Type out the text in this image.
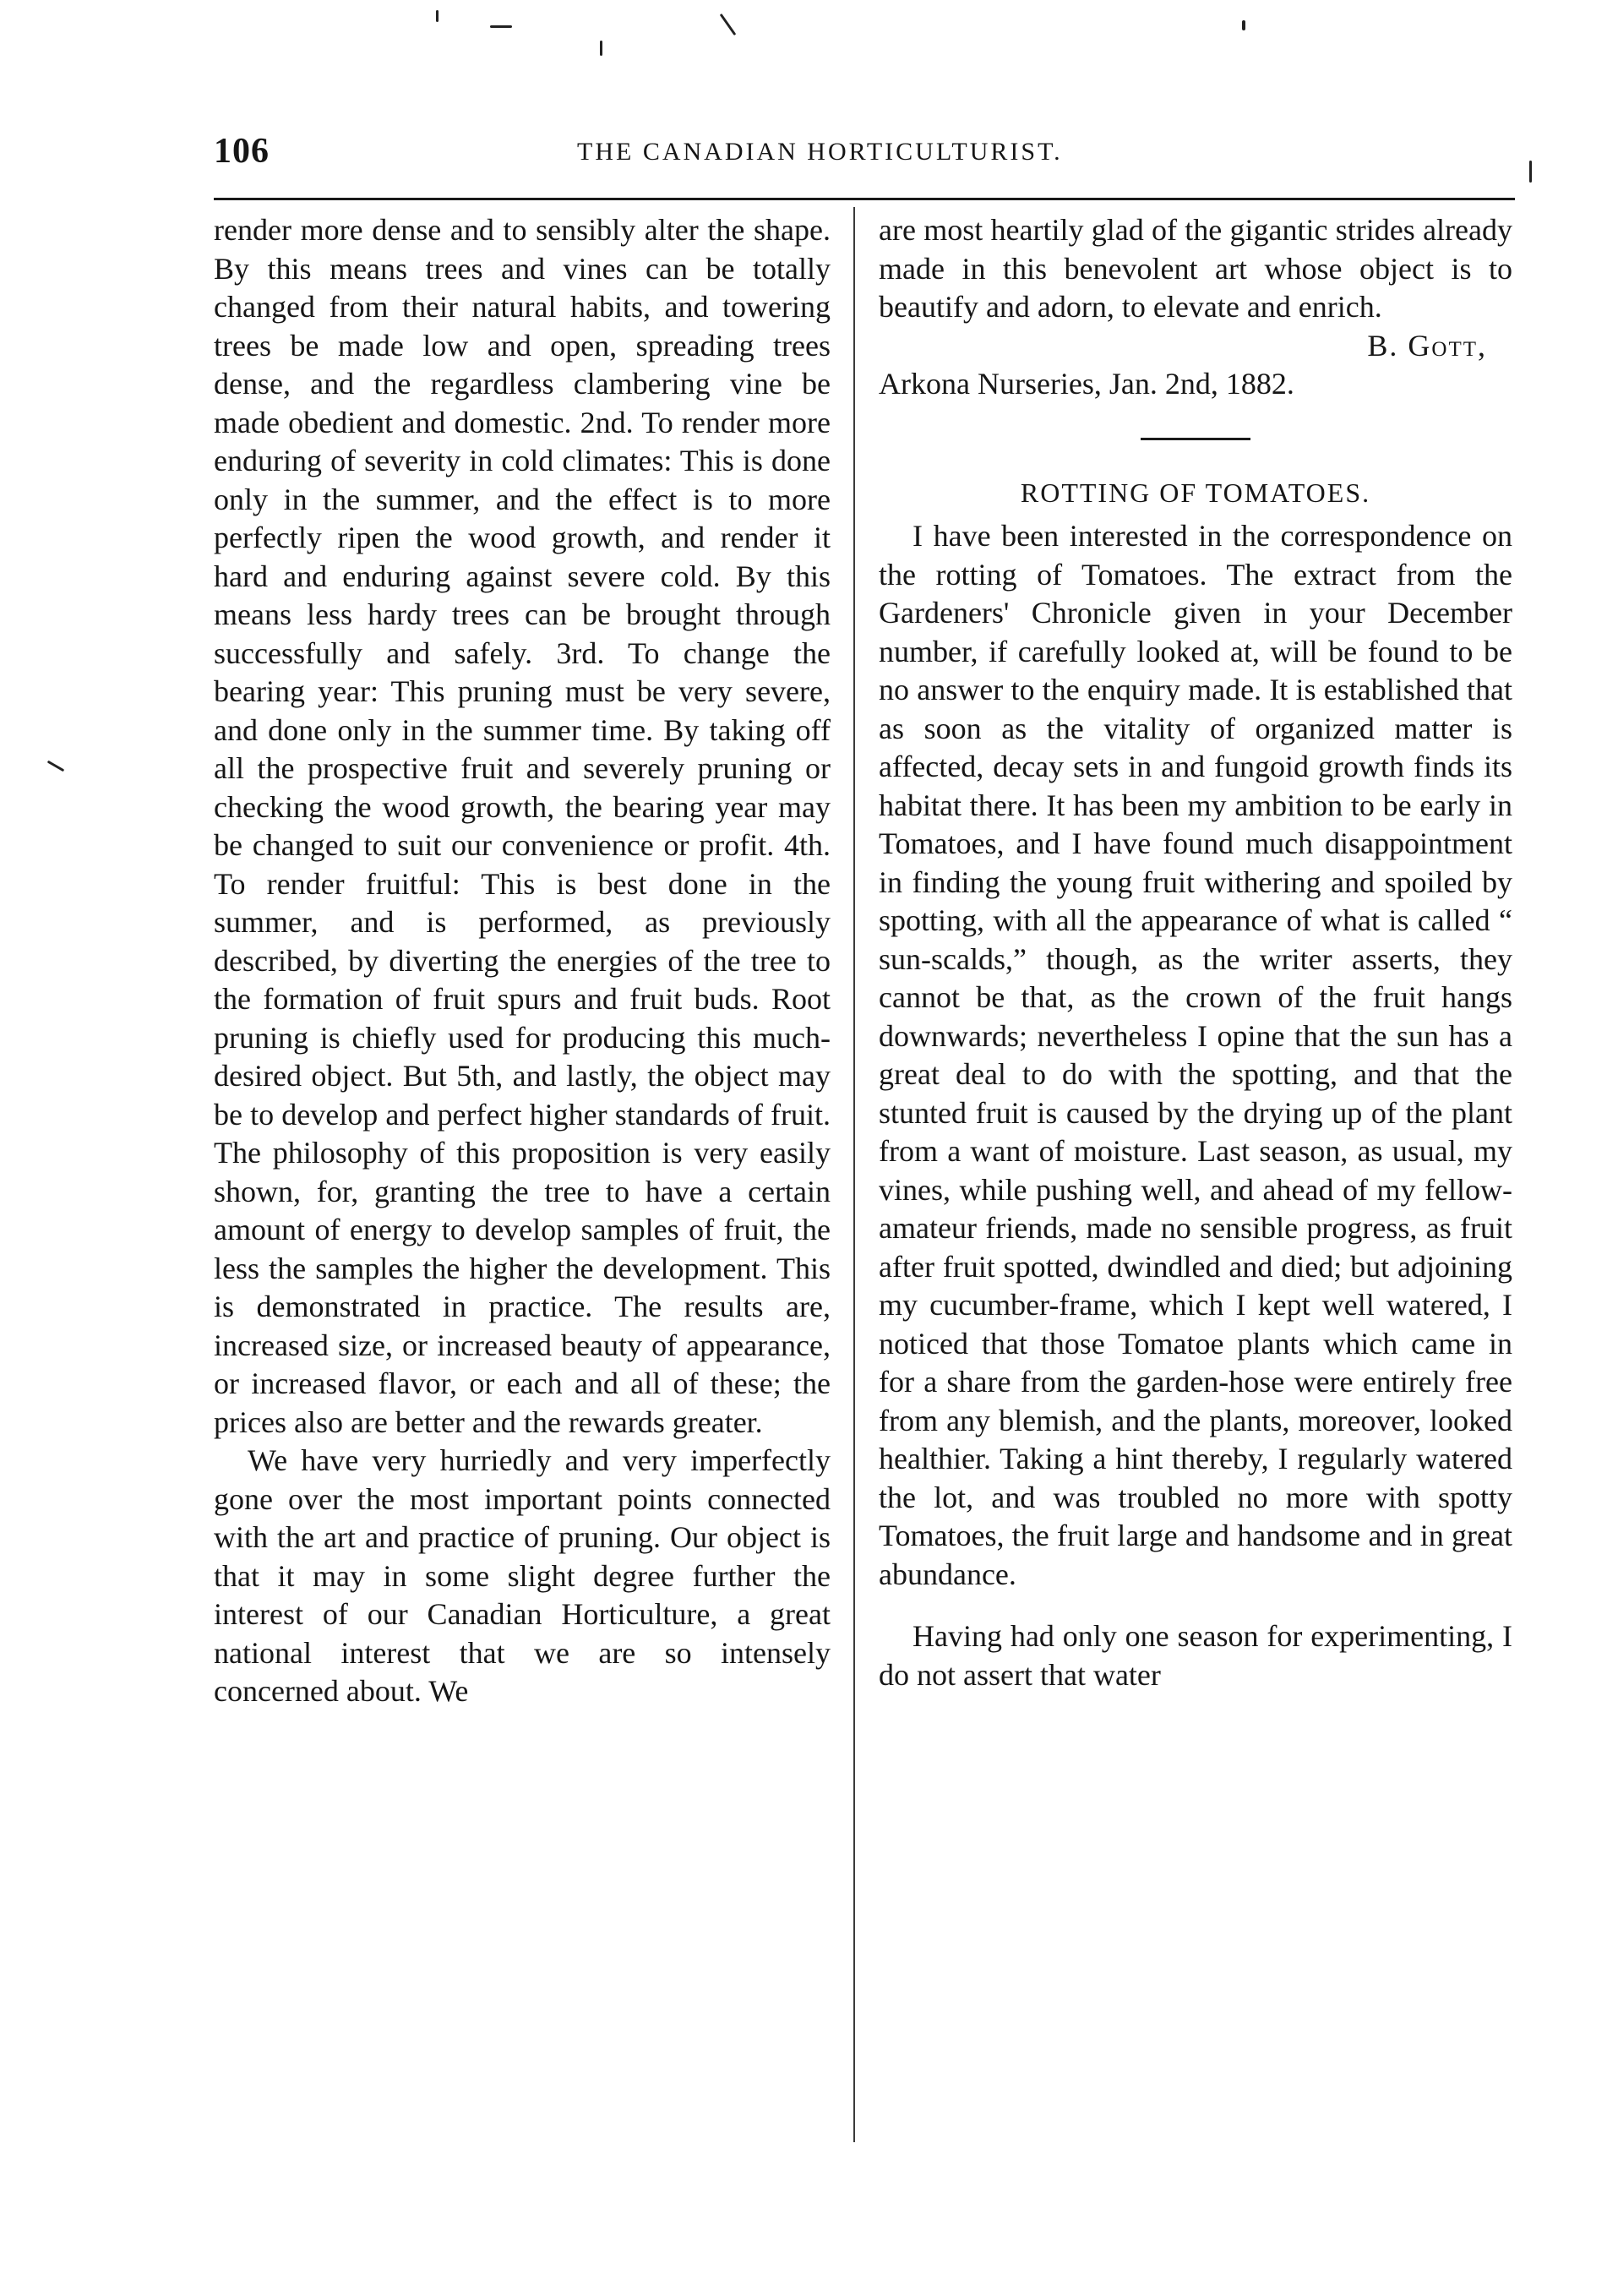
106	THE CANADIAN HORTICULTURIST.

render more dense and to sensibly alter the shape. By this means trees and vines can be totally changed from their natural habits, and towering trees be made low and open, spreading trees dense, and the regardless clambering vine be made obedient and domestic. 2nd. To render more enduring of severity in cold climates: This is done only in the summer, and the effect is to more perfectly ripen the wood growth, and render it hard and enduring against severe cold. By this means less hardy trees can be brought through successfully and safely. 3rd. To change the bearing year: This pruning must be very severe, and done only in the summer time. By taking off all the prospective fruit and severely pruning or checking the wood growth, the bearing year may be changed to suit our convenience or profit. 4th. To render fruitful: This is best done in the summer, and is performed, as previously described, by diverting the energies of the tree to the formation of fruit spurs and fruit buds. Root pruning is chiefly used for producing this much-desired object. But 5th, and lastly, the object may be to develop and perfect higher standards of fruit. The philosophy of this proposition is very easily shown, for, granting the tree to have a certain amount of energy to develop samples of fruit, the less the samples the higher the development. This is demonstrated in practice. The results are, increased size, or increased beauty of appearance, or increased flavor, or each and all of these; the prices also are better and the rewards greater.

We have very hurriedly and very imperfectly gone over the most important points connected with the art and practice of pruning. Our object is that it may in some slight degree further the interest of our Canadian Horticulture, a great national interest that we are so intensely concerned about. We

are most heartily glad of the gigantic strides already made in this benevolent art whose object is to beautify and adorn, to elevate and enrich.

B. Gott,

Arkona Nurseries, Jan. 2nd, 1882.

ROTTING OF TOMATOES.

I have been interested in the correspondence on the rotting of Tomatoes. The extract from the Gardeners' Chronicle given in your December number, if carefully looked at, will be found to be no answer to the enquiry made. It is established that as soon as the vitality of organized matter is affected, decay sets in and fungoid growth finds its habitat there. It has been my ambition to be early in Tomatoes, and I have found much disappointment in finding the young fruit withering and spoiled by spotting, with all the appearance of what is called “ sun-scalds,” though, as the writer asserts, they cannot be that, as the crown of the fruit hangs downwards; nevertheless I opine that the sun has a great deal to do with the spotting, and that the stunted fruit is caused by the drying up of the plant from a want of moisture. Last season, as usual, my vines, while pushing well, and ahead of my fellow-amateur friends, made no sensible progress, as fruit after fruit spotted, dwindled and died; but adjoining my cucumber-frame, which I kept well watered, I noticed that those Tomatoe plants which came in for a share from the garden-hose were entirely free from any blemish, and the plants, moreover, looked healthier. Taking a hint thereby, I regularly watered the lot, and was troubled no more with spotty Tomatoes, the fruit large and handsome and in great abundance.

Having had only one season for experimenting, I do not assert that water
